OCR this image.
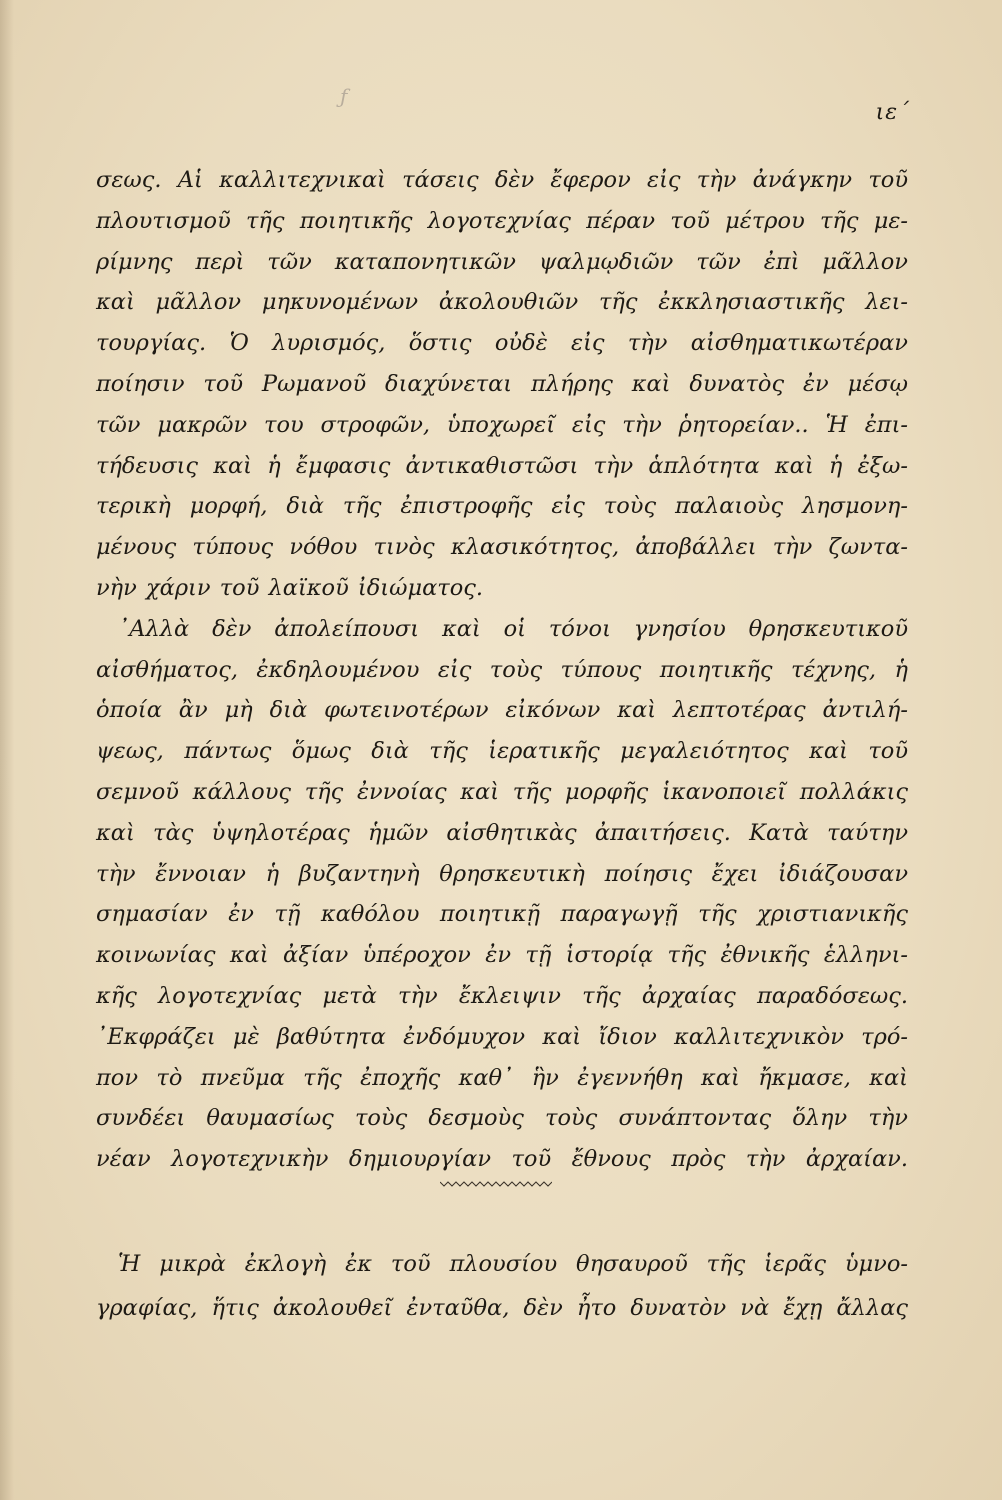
ƒ
ιε΄
σεως. Αἱ καλλιτεχνικαὶ τάσεις δὲν ἔφερον εἰς τὴν ἀνάγκην τοῦ
πλουτισμοῦ τῆς ποιητικῆς λογοτεχνίας πέραν τοῦ μέτρου τῆς με-
ρίμνης περὶ τῶν καταπονητικῶν ψαλμῳδιῶν τῶν ἐπὶ μᾶλλον
καὶ μᾶλλον μηκυνομένων ἀκολουθιῶν τῆς ἐκκλησιαστικῆς λει-
τουργίας. Ὁ λυρισμός, ὅστις οὐδὲ εἰς τὴν αἰσθηματικωτέραν
ποίησιν τοῦ Ρωμανοῦ διαχύνεται πλήρης καὶ δυνατὸς ἐν μέσῳ
τῶν μακρῶν του στροφῶν, ὑποχωρεῖ εἰς τὴν ῥητορείαν.. Ἡ ἐπι-
τήδευσις καὶ ἡ ἔμφασις ἀντικαθιστῶσι τὴν ἁπλότητα καὶ ἡ ἐξω-
τερικὴ μορφή, διὰ τῆς ἐπιστροφῆς εἰς τοὺς παλαιοὺς λησμονη-
μένους τύπους νόθου τινὸς κλασικότητος, ἀποβάλλει τὴν ζωντα-
νὴν χάριν τοῦ λαϊκοῦ ἰδιώματος.
᾿Αλλὰ δὲν ἀπολείπουσι καὶ οἱ τόνοι γνησίου θρησκευτικοῦ
αἰσθήματος, ἐκδηλουμένου εἰς τοὺς τύπους ποιητικῆς τέχνης, ἡ
ὁποία ἂν μὴ διὰ φωτεινοτέρων εἰκόνων καὶ λεπτοτέρας ἀντιλή-
ψεως, πάντως ὅμως διὰ τῆς ἱερατικῆς μεγαλειότητος καὶ τοῦ
σεμνοῦ κάλλους τῆς ἐννοίας καὶ τῆς μορφῆς ἱκανοποιεῖ πολλάκις
καὶ τὰς ὑψηλοτέρας ἡμῶν αἰσθητικὰς ἀπαιτήσεις. Κατὰ ταύτην
τὴν ἔννοιαν ἡ βυζαντηνὴ θρησκευτικὴ ποίησις ἔχει ἰδιάζουσαν
σημασίαν ἐν τῇ καθόλου ποιητικῇ παραγωγῇ τῆς χριστιανικῆς
κοινωνίας καὶ ἀξίαν ὑπέροχον ἐν τῇ ἱστορίᾳ τῆς ἐθνικῆς ἑλληνι-
κῆς λογοτεχνίας μετὰ τὴν ἔκλειψιν τῆς ἀρχαίας παραδόσεως.
᾿Εκφράζει μὲ βαθύτητα ἐνδόμυχον καὶ ἴδιον καλλιτεχνικὸν τρό-
πον τὸ πνεῦμα τῆς ἐποχῆς καθ᾿ ἣν ἐγεννήθη καὶ ἤκμασε, καὶ
συνδέει θαυμασίως τοὺς δεσμοὺς τοὺς συνάπτοντας ὅλην τὴν
νέαν λογοτεχνικὴν δημιουργίαν τοῦ ἔθνους πρὸς τὴν ἀρχαίαν.
Ἡ μικρὰ ἐκλογὴ ἐκ τοῦ πλουσίου θησαυροῦ τῆς ἱερᾶς ὑμνο-
γραφίας, ἥτις ἀκολουθεῖ ἐνταῦθα, δὲν ἦτο δυνατὸν νὰ ἔχῃ ἄλλας
